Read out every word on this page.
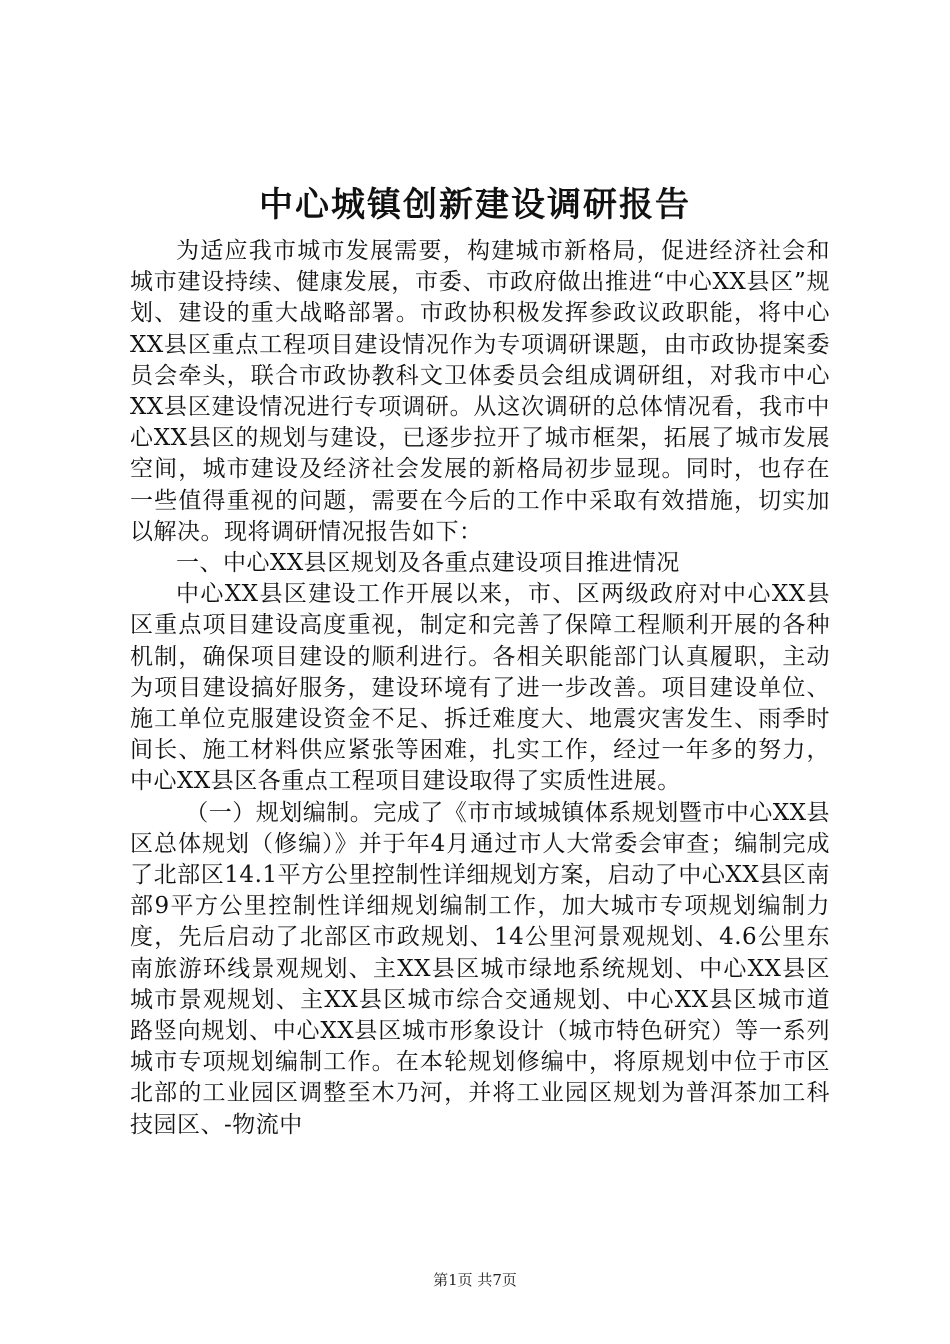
中心城镇创新建设调研报告

为适应我市城市发展需要，构建城市新格局，促进经济社会和城市建设持续、健康发展，市委、市政府做出推进“中心XX县区”规划、建设的重大战略部署。市政协积极发挥参政议政职能，将中心XX县区重点工程项目建设情况作为专项调研课题，由市政协提案委员会牵头，联合市政协教科文卫体委员会组成调研组，对我市中心XX县区建设情况进行专项调研。从这次调研的总体情况看，我市中心XX县区的规划与建设，已逐步拉开了城市框架，拓展了城市发展空间，城市建设及经济社会发展的新格局初步显现。同时，也存在一些值得重视的问题，需要在今后的工作中采取有效措施，切实加以解决。现将调研情况报告如下：

一、中心XX县区规划及各重点建设项目推进情况

中心XX县区建设工作开展以来，市、区两级政府对中心XX县区重点项目建设高度重视，制定和完善了保障工程顺利开展的各种机制，确保项目建设的顺利进行。各相关职能部门认真履职，主动为项目建设搞好服务，建设环境有了进一步改善。项目建设单位、施工单位克服建设资金不足、拆迁难度大、地震灾害发生、雨季时间长、施工材料供应紧张等困难，扎实工作，经过一年多的努力，中心XX县区各重点工程项目建设取得了实质性进展。

（一）规划编制。完成了《市市域城镇体系规划暨市中心XX县区总体规划（修编）》并于年4月通过市人大常委会审查；编制完成了北部区14.1平方公里控制性详细规划方案，启动了中心XX县区南部9平方公里控制性详细规划编制工作，加大城市专项规划编制力度，先后启动了北部区市政规划、14公里河景观规划、4.6公里东南旅游环线景观规划、主XX县区城市绿地系统规划、中心XX县区城市景观规划、主XX县区城市综合交通规划、中心XX县区城市道路竖向规划、中心XX县区城市形象设计（城市特色研究）等一系列城市专项规划编制工作。在本轮规划修编中，将原规划中位于市区北部的工业园区调整至木乃河，并将工业园区规划为普洱茶加工科技园区、-物流中

第1页 共7页
